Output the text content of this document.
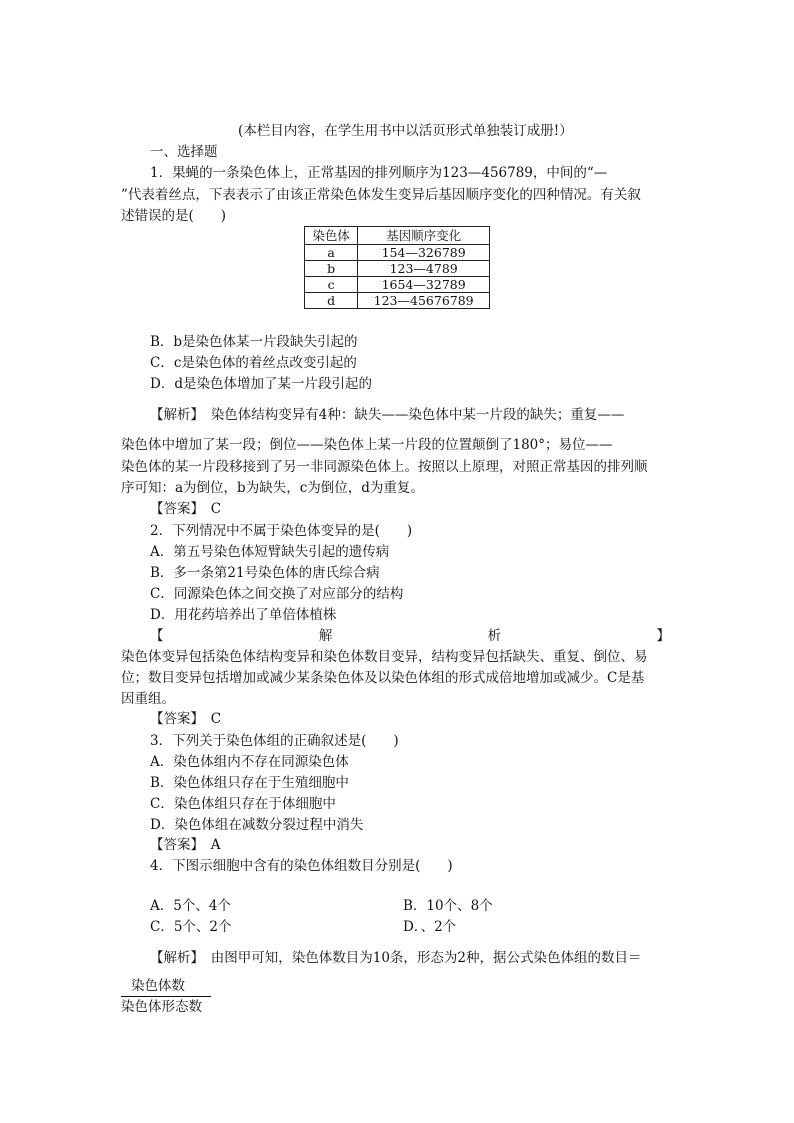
(本栏目内容，在学生用书中以活页形式单独装订成册!）
一、选择题
1．果蝇的一条染色体上，正常基因的排列顺序为123—456789，中间的“—
”代表着丝点，下表表示了由该正常染色体发生变异后基因顺序变化的四种情况。有关叙
述错误的是(　　)
染色体	基因顺序变化
a	154—326789
b	123—4789
c	1654—32789
d	123—45676789
B．b是染色体某一片段缺失引起的
C．c是染色体的着丝点改变引起的
D．d是染色体增加了某一片段引起的
【解析】　染色体结构变异有4种：缺失——染色体中某一片段的缺失；重复——
染色体中增加了某一段；倒位——染色体上某一片段的位置颠倒了180°；易位——
染色体的某一片段移接到了另一非同源染色体上。按照以上原理，对照正常基因的排列顺
序可知：a为倒位，b为缺失，c为倒位，d为重复。
【答案】　C
2．下列情况中不属于染色体变异的是(　　)
A．第五号染色体短臂缺失引起的遗传病
B．多一条第21号染色体的唐氏综合病
C．同源染色体之间交换了对应部分的结构
D．用花药培养出了单倍体植株
【	解	析	】
染色体变异包括染色体结构变异和染色体数目变异，结构变异包括缺失、重复、倒位、易
位；数目变异包括增加或减少某条染色体及以染色体组的形式成倍地增加或减少。C是基
因重组。
【答案】　C
3．下列关于染色体组的正确叙述是(　　)
A．染色体组内不存在同源染色体
B．染色体组只存在于生殖细胞中
C．染色体组只存在于体细胞中
D．染色体组在减数分裂过程中消失
【答案】　A
4．下图示细胞中含有的染色体组数目分别是(　　)
A．5个、4个	B．10个、8个
C．5个、2个	D．、2个
【解析】　由图甲可知，染色体数目为10条，形态为2种，据公式染色体组的数目＝
染色体数
染色体形态数
